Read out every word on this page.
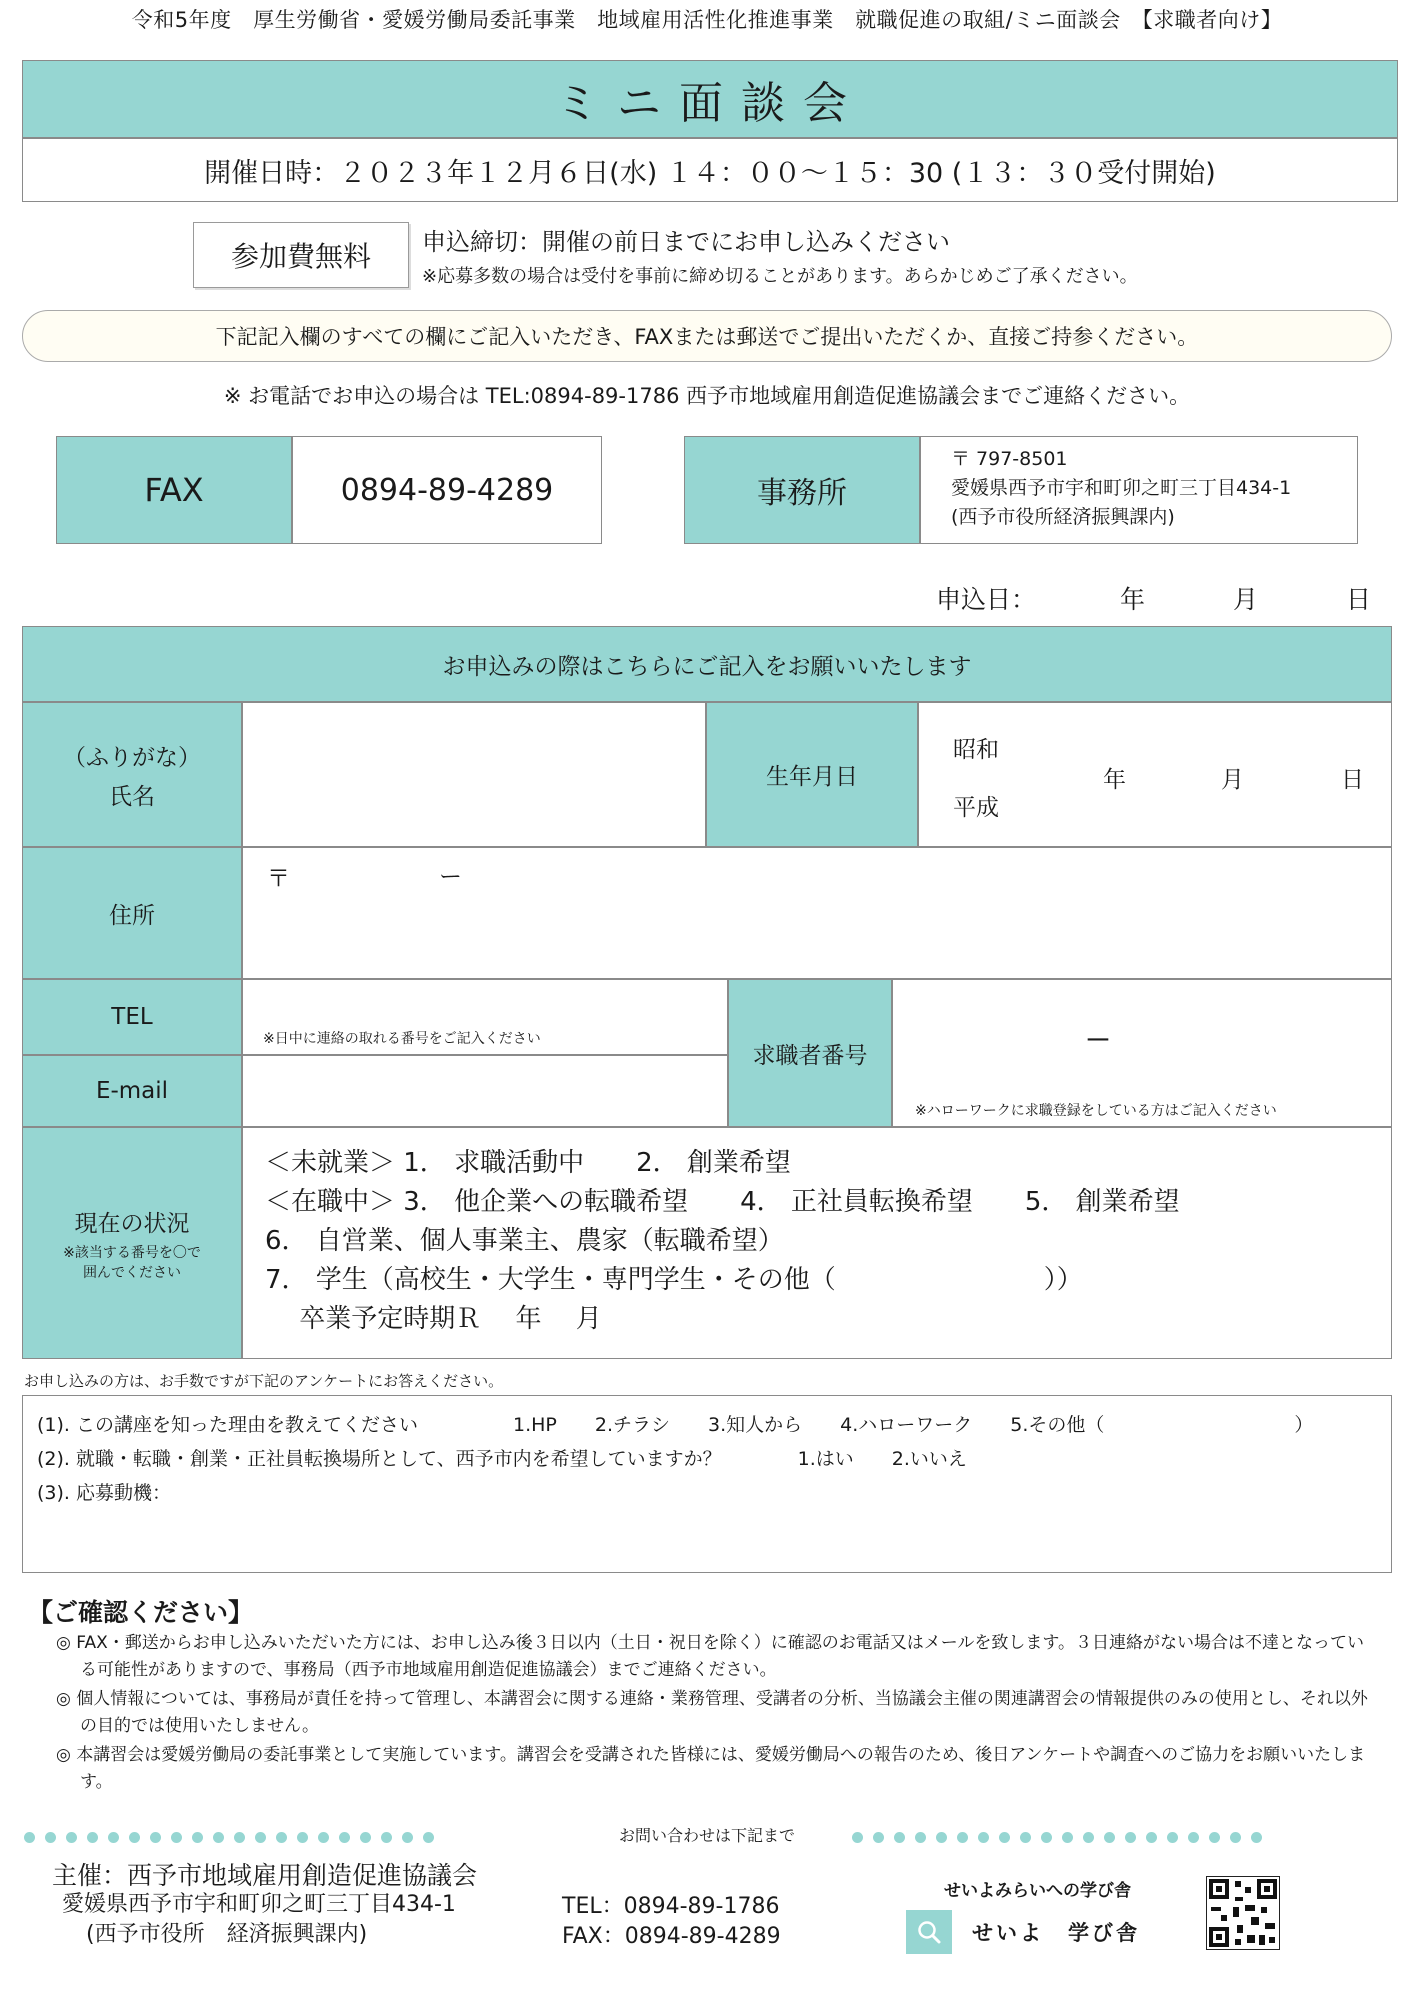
令和5年度　厚生労働省・愛媛労働局委託事業　地域雇用活性化推進事業　就職促進の取組/ミニ面談会　【求職者向け】
ミニ面談会
開催日時：２０２３年１２月６日(水) １４：００～１５：30 (１３：３０受付開始)
参加費無料	申込締切：開催の前日までにお申し込みください
※応募多数の場合は受付を事前に締め切ることがあります。あらかじめご了承ください。
下記記入欄のすべての欄にご記入いただき、FAXまたは郵送でご提出いただくか、直接ご持参ください。
※ お電話でお申込の場合は TEL:0894-89-1786 西予市地域雇用創造促進協議会までご連絡ください。
FAX	0894-89-4289	事務所
〒 797-8501
愛媛県西予市宇和町卯之町三丁目434-1
(西予市役所経済振興課内)
申込日：	年	月	日
お申込みの際はこちらにご記入をお願いいたします
（ふりがな）
氏名
生年月日
昭和
平成
年	月	日
住所
〒	ー
TEL
※日中に連絡の取れる番号をご記入ください
E-mail
求職者番号	－
※ハローワークに求職登録をしている方はご記入ください
現在の状況
※該当する番号を〇で
囲んでください
＜未就業＞ 1． 求職活動中　　2． 創業希望
＜在職中＞ 3． 他企業への転職希望　　4． 正社員転換希望　　5． 創業希望
6． 自営業、個人事業主、農家（転職希望）
7． 学生（高校生・大学生・専門学生・その他（　　　　　　　　））
　 卒業予定時期Ｒ　 年　 月
お申し込みの方は、お手数ですが下記のアンケートにお答えください。
(1). この講座を知った理由を教えてください　　　　　1.HP　　2.チラシ　　3.知人から　　4.ハローワーク　　5.その他（　　　　　　　　　　）
(2). 就職・転職・創業・正社員転換場所として、西予市内を希望していますか？　　　　1.はい　　2.いいえ
(3). 応募動機：
【ご確認ください】
◎ FAX・郵送からお申し込みいただいた方には、お申し込み後３日以内（土日・祝日を除く）に確認のお電話又はメールを致します。３日連絡がない場合は不達となっている可能性がありますので、事務局（西予市地域雇用創造促進協議会）までご連絡ください。
◎ 個人情報については、事務局が責任を持って管理し、本講習会に関する連絡・業務管理、受講者の分析、当協議会主催の関連講習会の情報提供のみの使用とし、それ以外の目的では使用いたしません。
◎ 本講習会は愛媛労働局の委託事業として実施しています。講習会を受講された皆様には、愛媛労働局への報告のため、後日アンケートや調査へのご協力をお願いいたします。
お問い合わせは下記まで
主催：西予市地域雇用創造促進協議会
愛媛県西予市宇和町卯之町三丁目434-1
(西予市役所　経済振興課内)
TEL：0894-89-1786
FAX：0894-89-4289
せいよみらいへの学び舎
せいよ　学び舎
